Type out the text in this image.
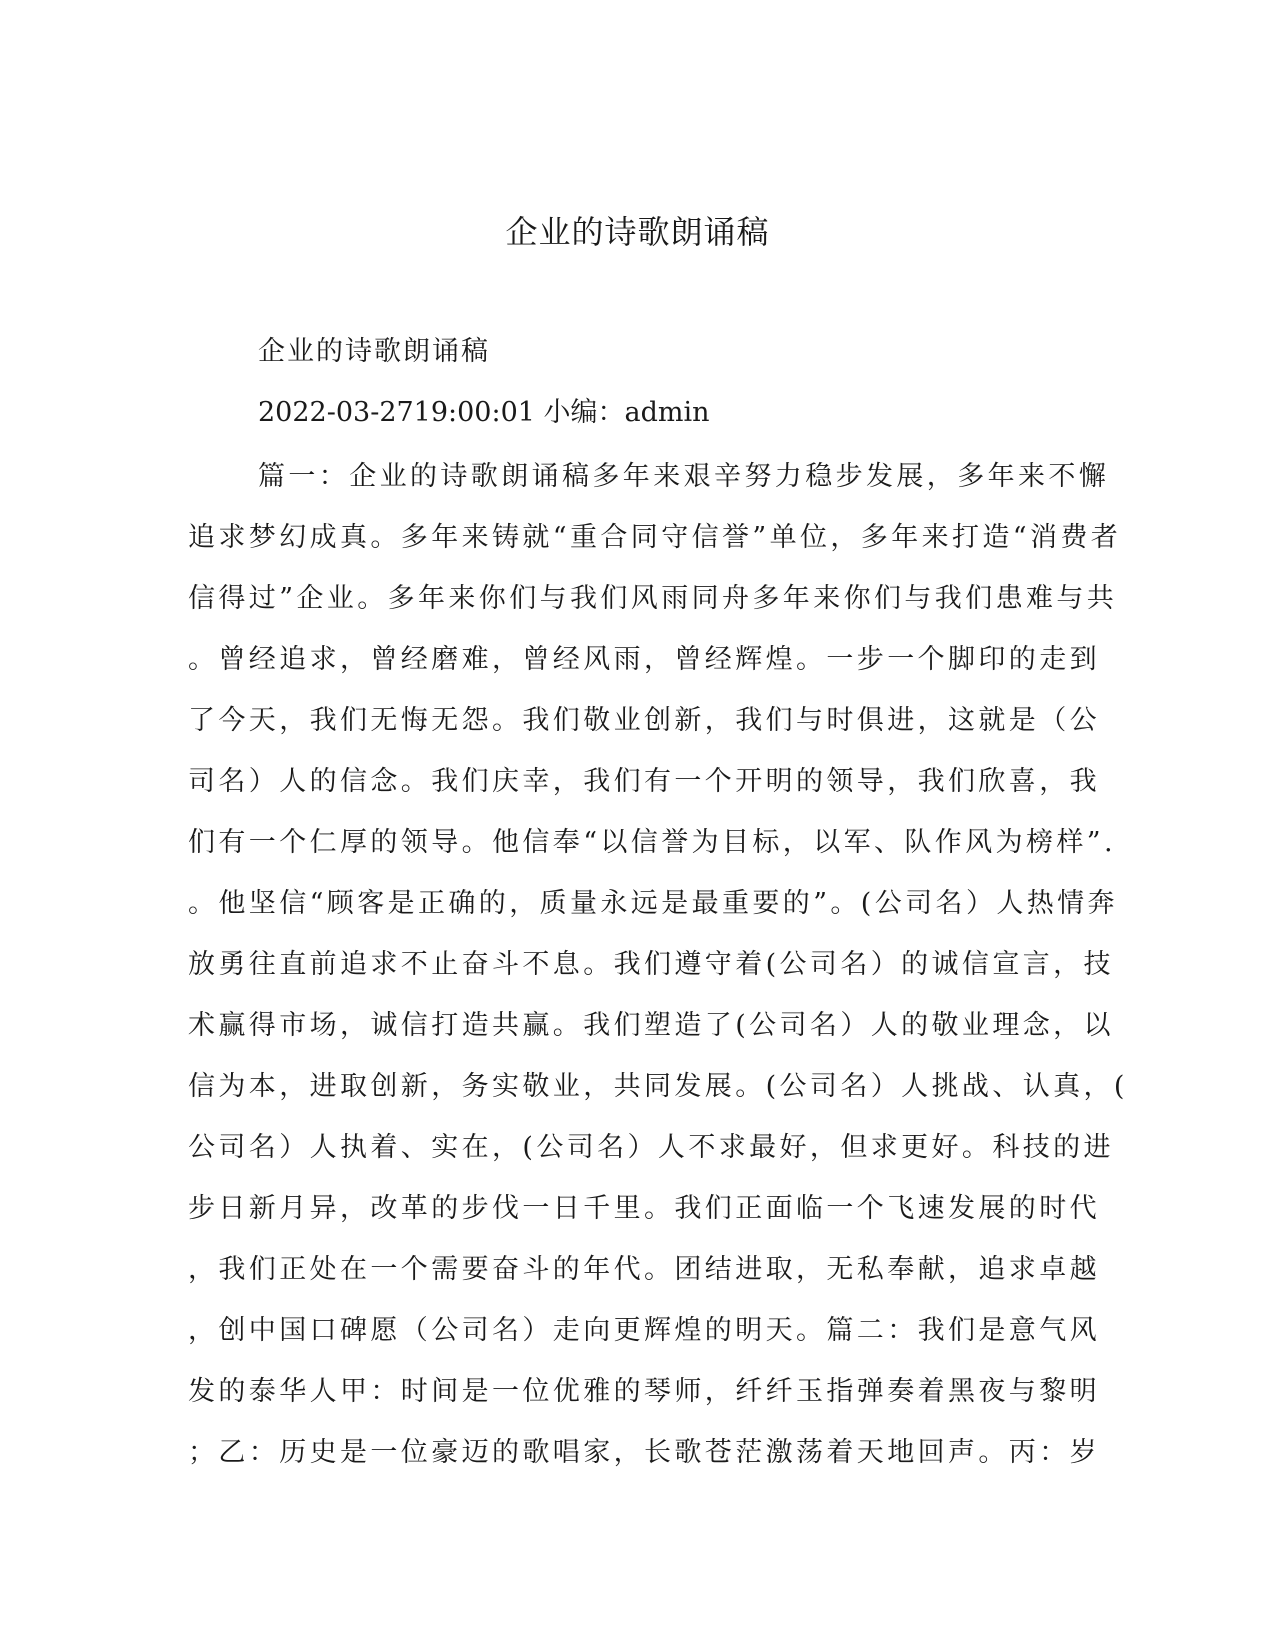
企业的诗歌朗诵稿

企业的诗歌朗诵稿

2022-03-2719:00:01 小编：admin

篇一：企业的诗歌朗诵稿多年来艰辛努力稳步发展，多年来不懈
追求梦幻成真。多年来铸就“重合同守信誉”单位，多年来打造“消费者
信得过”企业。多年来你们与我们风雨同舟多年来你们与我们患难与共
。曾经追求，曾经磨难，曾经风雨，曾经辉煌。一步一个脚印的走到
了今天，我们无悔无怨。我们敬业创新，我们与时俱进，这就是（公
司名）人的信念。我们庆幸，我们有一个开明的领导，我们欣喜，我
们有一个仁厚的领导。他信奉“以信誉为目标，以军、队作风为榜样”.
。他坚信“顾客是正确的，质量永远是最重要的”。(公司名）人热情奔
放勇往直前追求不止奋斗不息。我们遵守着(公司名）的诚信宣言，技
术赢得市场，诚信打造共赢。我们塑造了(公司名）人的敬业理念，以
信为本，进取创新，务实敬业，共同发展。(公司名）人挑战、认真，(
公司名）人执着、实在，(公司名）人不求最好，但求更好。科技的进
步日新月异，改革的步伐一日千里。我们正面临一个飞速发展的时代
，我们正处在一个需要奋斗的年代。团结进取，无私奉献，追求卓越
，创中国口碑愿（公司名）走向更辉煌的明天。篇二：我们是意气风
发的泰华人甲：时间是一位优雅的琴师，纤纤玉指弹奏着黑夜与黎明
；乙：历史是一位豪迈的歌唱家，长歌苍茫激荡着天地回声。丙：岁
